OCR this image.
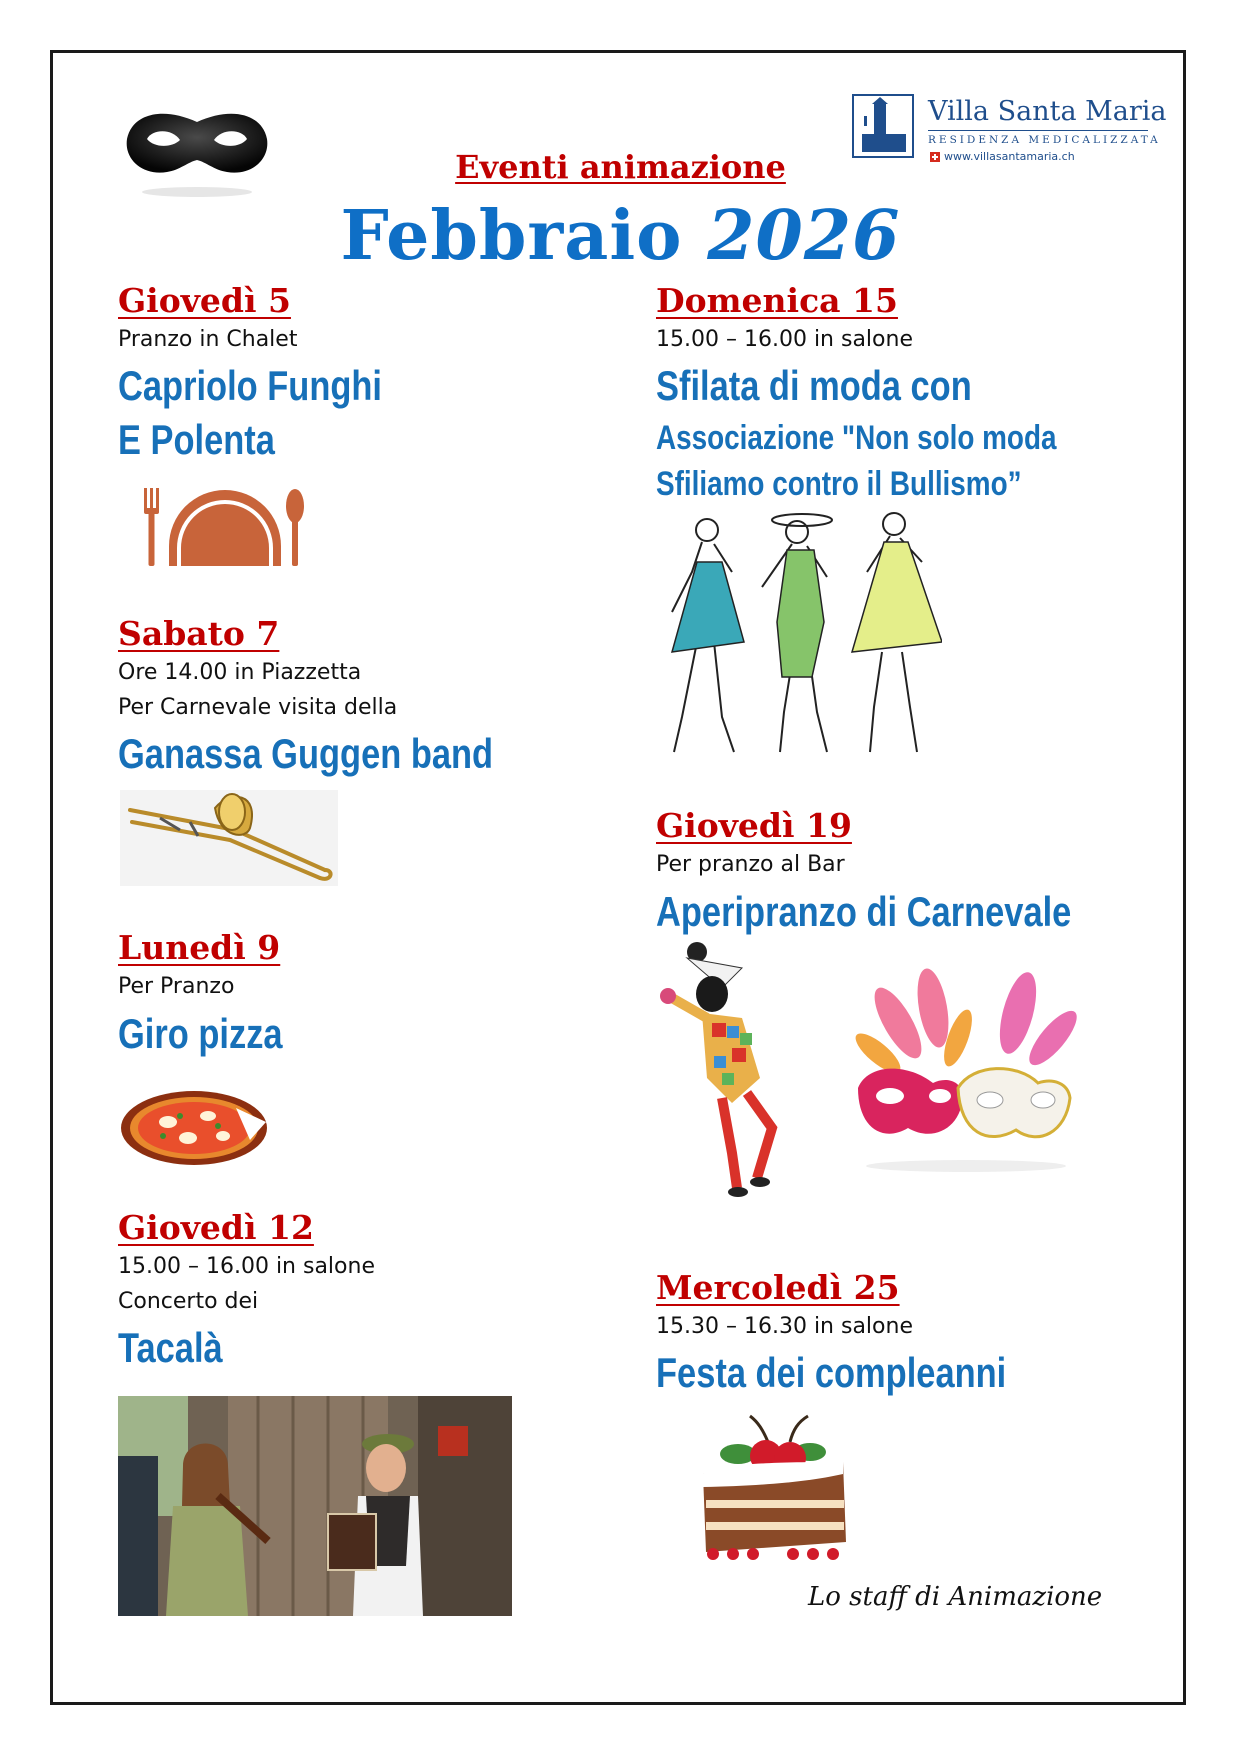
Villa Santa Maria
RESIDENZA MEDICALIZZATA
www.villasantamaria.ch
Eventi animazione
Febbraio 2026
Giovedì 5
Pranzo in Chalet
Capriolo Funghi
E Polenta
Sabato 7
Ore 14.00 in Piazzetta
Per Carnevale visita della
Ganassa Guggen band
Lunedì 9
Per Pranzo
Giro pizza
Giovedì 12
15.00 – 16.00 in salone
Concerto dei
Tacalà
Domenica 15
15.00 – 16.00 in salone
Sfilata di moda con
Associazione "Non solo moda
Sfiliamo contro il Bullismo”
Giovedì 19
Per pranzo al Bar
Aperipranzo di Carnevale
Mercoledì 25
15.30 – 16.30 in salone
Festa dei compleanni
Lo staff di Animazione
